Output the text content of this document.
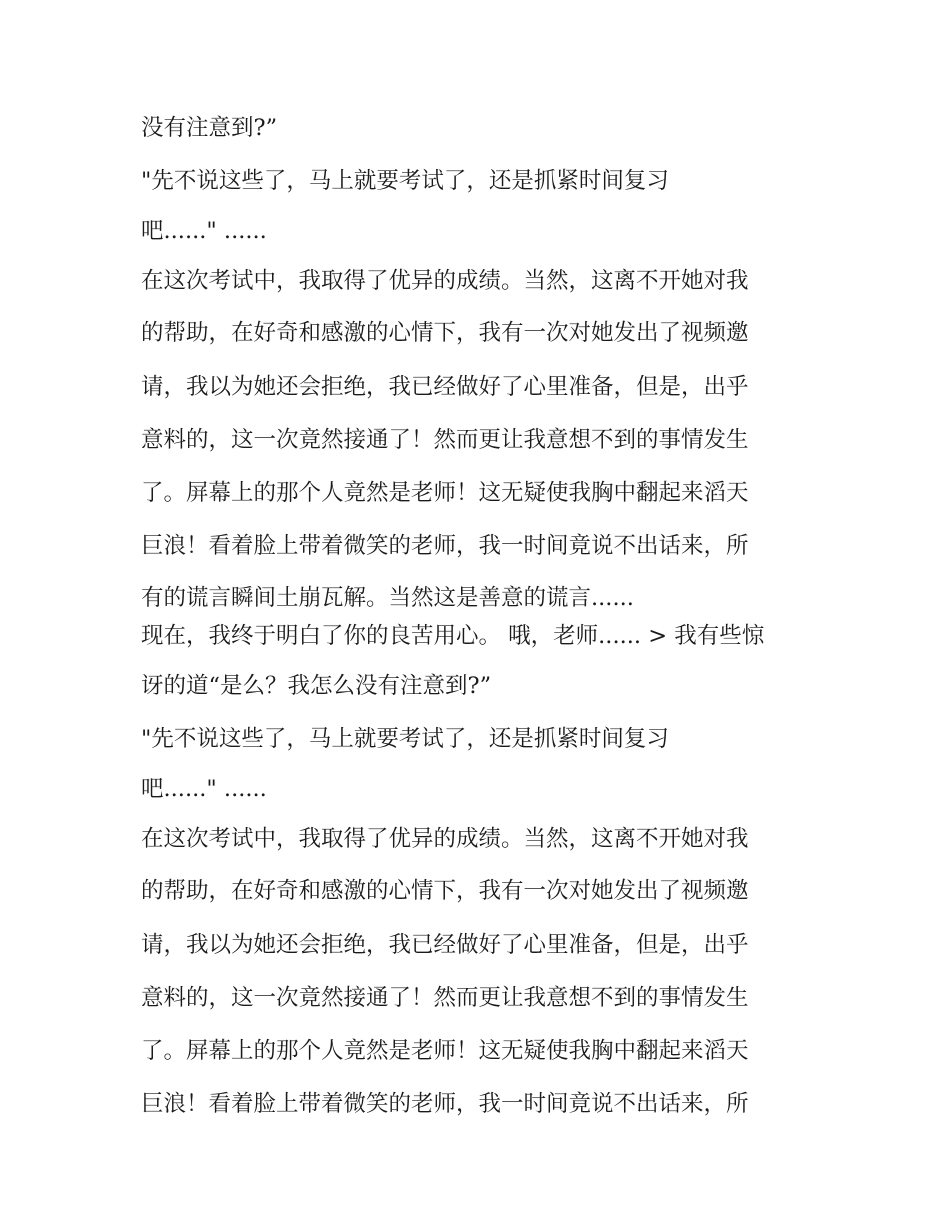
没有注意到?”

"先不说这些了，马上就要考试了，还是抓紧时间复习

吧......" ......

在这次考试中，我取得了优异的成绩。当然，这离不开她对我

的帮助，在好奇和感激的心情下，我有一次对她发出了视频邀

请，我以为她还会拒绝，我已经做好了心里准备，但是，出乎

意料的，这一次竟然接通了！然而更让我意想不到的事情发生

了。屏幕上的那个人竟然是老师！这无疑使我胸中翻起来滔天

巨浪！看着脸上带着微笑的老师，我一时间竟说不出话来，所

有的谎言瞬间土崩瓦解。当然这是善意的谎言......

现在，我终于明白了你的良苦用心。 哦，老师...... > 我有些惊

讶的道“是么？我怎么没有注意到?”

"先不说这些了，马上就要考试了，还是抓紧时间复习

吧......" ......

在这次考试中，我取得了优异的成绩。当然，这离不开她对我

的帮助，在好奇和感激的心情下，我有一次对她发出了视频邀

请，我以为她还会拒绝，我已经做好了心里准备，但是，出乎

意料的，这一次竟然接通了！然而更让我意想不到的事情发生

了。屏幕上的那个人竟然是老师！这无疑使我胸中翻起来滔天

巨浪！看着脸上带着微笑的老师，我一时间竟说不出话来，所
